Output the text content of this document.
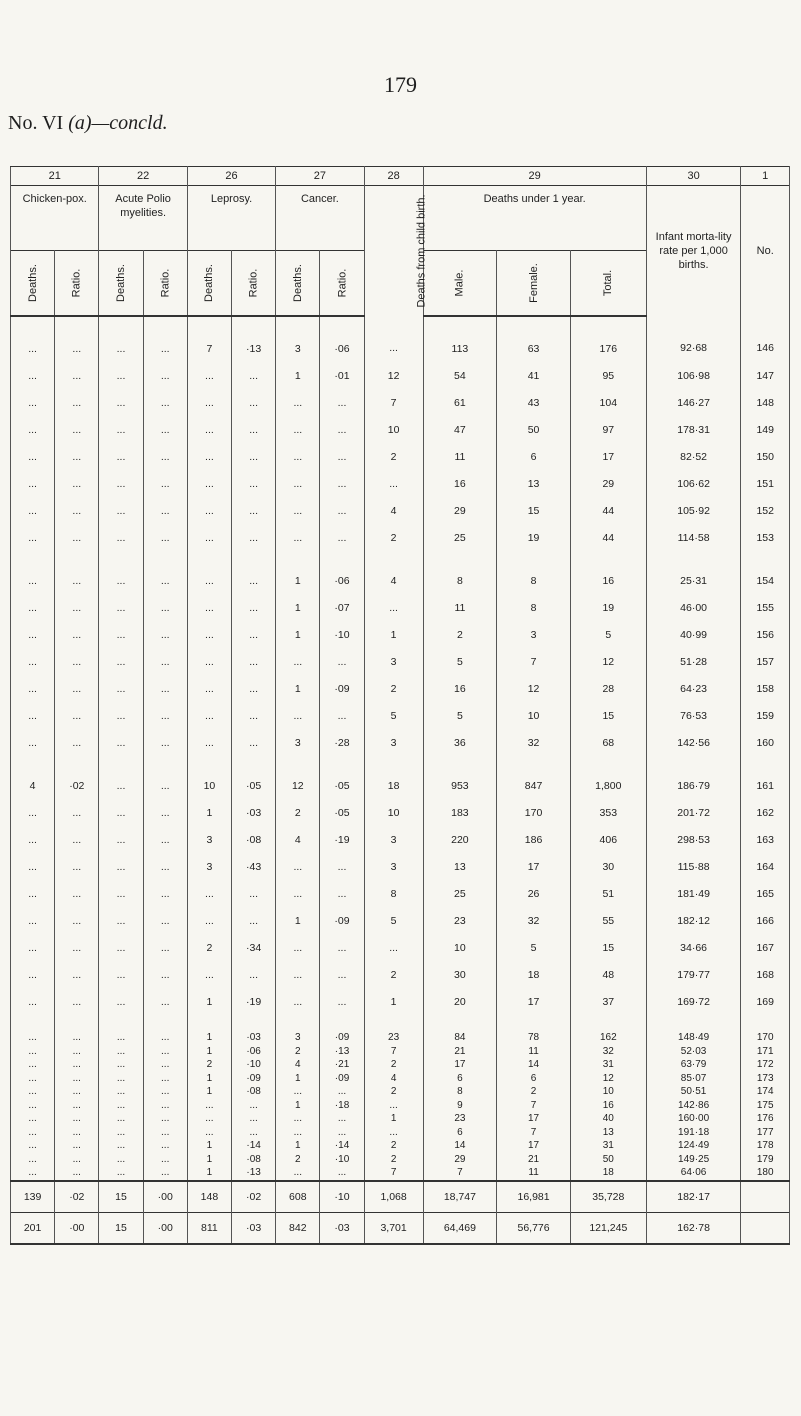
179
No. VI (a)—concld.
21		22		26		27		28	29			30	1
Chicken-pox.		Acute Polio myelities.		Leprosy.		Cancer.		Deaths from child birth.	Deaths under 1 year.			Infant morta-lity rate per 1,000 births.	No.
Deaths.	Ratio.	Deaths.	Ratio.	Deaths.	Ratio.	Deaths.	Ratio.		Male.	Female.	Total.		
...	...	...	...	7	·13	3	·06	...	113	63	176	92·68	146
...	...	...	...	...	...	1	·01	12	54	41	95	106·98	147
...	...	...	...	...	...	...	...	7	61	43	104	146·27	148
...	...	...	...	...	...	...	...	10	47	50	97	178·31	149
...	...	...	...	...	...	...	...	2	11	6	17	82·52	150
...	...	...	...	...	...	...	...	...	16	13	29	106·62	151
...	...	...	...	...	...	...	...	4	29	15	44	105·92	152
...	...	...	...	...	...	...	...	2	25	19	44	114·58	153
...	...	...	...	...	...	1	·06	4	8	8	16	25·31	154
...	...	...	...	...	...	1	·07	...	11	8	19	46·00	155
...	...	...	...	...	...	1	·10	1	2	3	5	40·99	156
...	...	...	...	...	...	...	...	3	5	7	12	51·28	157
...	...	...	...	...	...	1	·09	2	16	12	28	64·23	158
...	...	...	...	...	...	...	...	5	5	10	15	76·53	159
...	...	...	...	...	...	3	·28	3	36	32	68	142·56	160
4	·02	...	...	10	·05	12	·05	18	953	847	1,800	186·79	161
...	...	...	...	1	·03	2	·05	10	183	170	353	201·72	162
...	...	...	...	3	·08	4	·19	3	220	186	406	298·53	163
...	...	...	...	3	·43	...	...	3	13	17	30	115·88	164
...	...	...	...	...	...	...	...	8	25	26	51	181·49	165
...	...	...	...	...	...	1	·09	5	23	32	55	182·12	166
...	...	...	...	2	·34	...	...	...	10	5	15	34·66	167
...	...	...	...	...	...	...	...	2	30	18	48	179·77	168
...	...	...	...	1	·19	...	...	1	20	17	37	169·72	169
...	...	...	...	1	·03	3	·09	23	84	78	162	148·49	170
...	...	...	...	1	·06	2	·13	7	21	11	32	52·03	171
...	...	...	...	2	·10	4	·21	2	17	14	31	63·79	172
...	...	...	...	1	·09	1	·09	4	6	6	12	85·07	173
...	...	...	...	1	·08	...	...	2	8	2	10	50·51	174
...	...	...	...	...	...	1	·18	...	9	7	16	142·86	175
...	...	...	...	...	...	...	...	1	23	17	40	160·00	176
...	...	...	...	...	...	...	...	...	6	7	13	191·18	177
...	...	...	...	1	·14	1	·14	2	14	17	31	124·49	178
...	...	...	...	1	·08	2	·10	2	29	21	50	149·25	179
...	...	...	...	1	·13	...	...	7	7	11	18	64·06	180
139	·02	15	·00	148	·02	608	·10	1,068	18,747	16,981	35,728	182·17	
201	·00	15	·00	811	·03	842	·03	3,701	64,469	56,776	121,245	162·78	
